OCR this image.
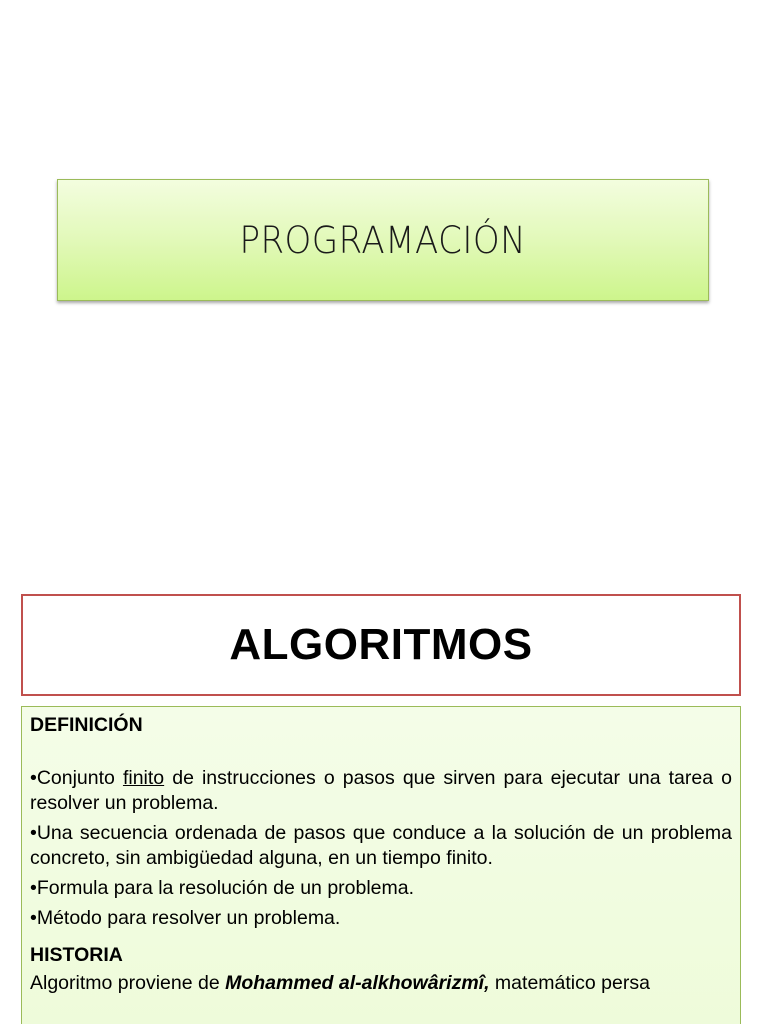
PROGRAMACIÓN
ALGORITMOS
DEFINICIÓN

•Conjunto finito de instrucciones o pasos que sirven para ejecutar una tarea o resolver un problema.

•Una secuencia ordenada de pasos que conduce a la solución de un problema concreto, sin ambigüedad alguna, en un tiempo finito.

•Formula para la resolución de un problema.

•Método para resolver un problema.

HISTORIA

Algoritmo proviene de Mohammed al-alkhowârizmî, matemático persa
